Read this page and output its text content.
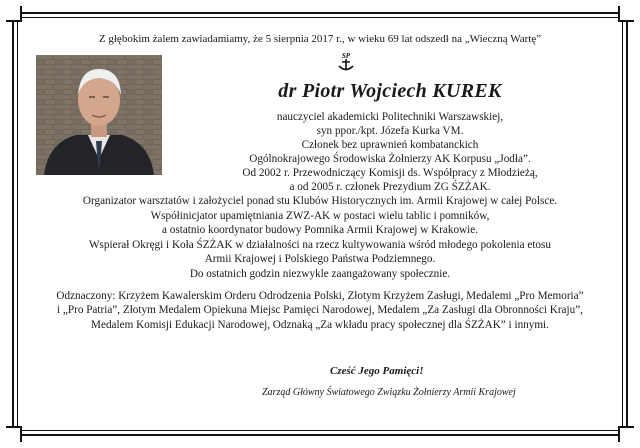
Z głębokim żalem zawiadamiamy, że 5 sierpnia 2017 r., w wieku 69 lat odszedł na „Wieczną Wartę”
SP
dr Piotr Wojciech KUREK
nauczyciel akademicki Politechniki Warszawskiej,
syn ppor./kpt. Józefa Kurka VM.
Członek bez uprawnień kombatanckich
Ogólnokrajowego Środowiska Żołnierzy AK Korpusu „Jodła”.
Od 2002 r. Przewodniczący Komisji ds. Współpracy z Młodzieżą,
a od 2005 r. członek Prezydium ZG ŚZŻAK.
Organizator warsztatów i założyciel ponad stu Klubów Historycznych im. Armii Krajowej w całej Polsce.
Współinicjator upamiętniania ZWZ-AK w postaci wielu tablic i pomników,
a ostatnio koordynator budowy Pomnika Armii Krajowej w Krakowie.
Wspierał Okręgi i Koła ŚZŻAK w działalności na rzecz kultywowania wśród młodego pokolenia etosu
Armii Krajowej i Polskiego Państwa Podziemnego.
Do ostatnich godzin niezwykle zaangażowany społecznie.
Odznaczony: Krzyżem Kawalerskim Orderu Odrodzenia Polski, Złotym Krzyżem Zasługi, Medalemi „Pro Memoria”
i „Pro Patria”, Złotym Medalem Opiekuna Miejsc Pamięci Narodowej, Medalem „Za Zasługi dla Obronności Kraju”,
Medalem Komisji Edukacji Narodowej, Odznaką „Za wkładu pracy społecznej dla ŚZŻAK” i innymi.
Cześć Jego Pamięci!
Zarząd Główny Światowego Związku Żołnierzy Armii Krajowej
